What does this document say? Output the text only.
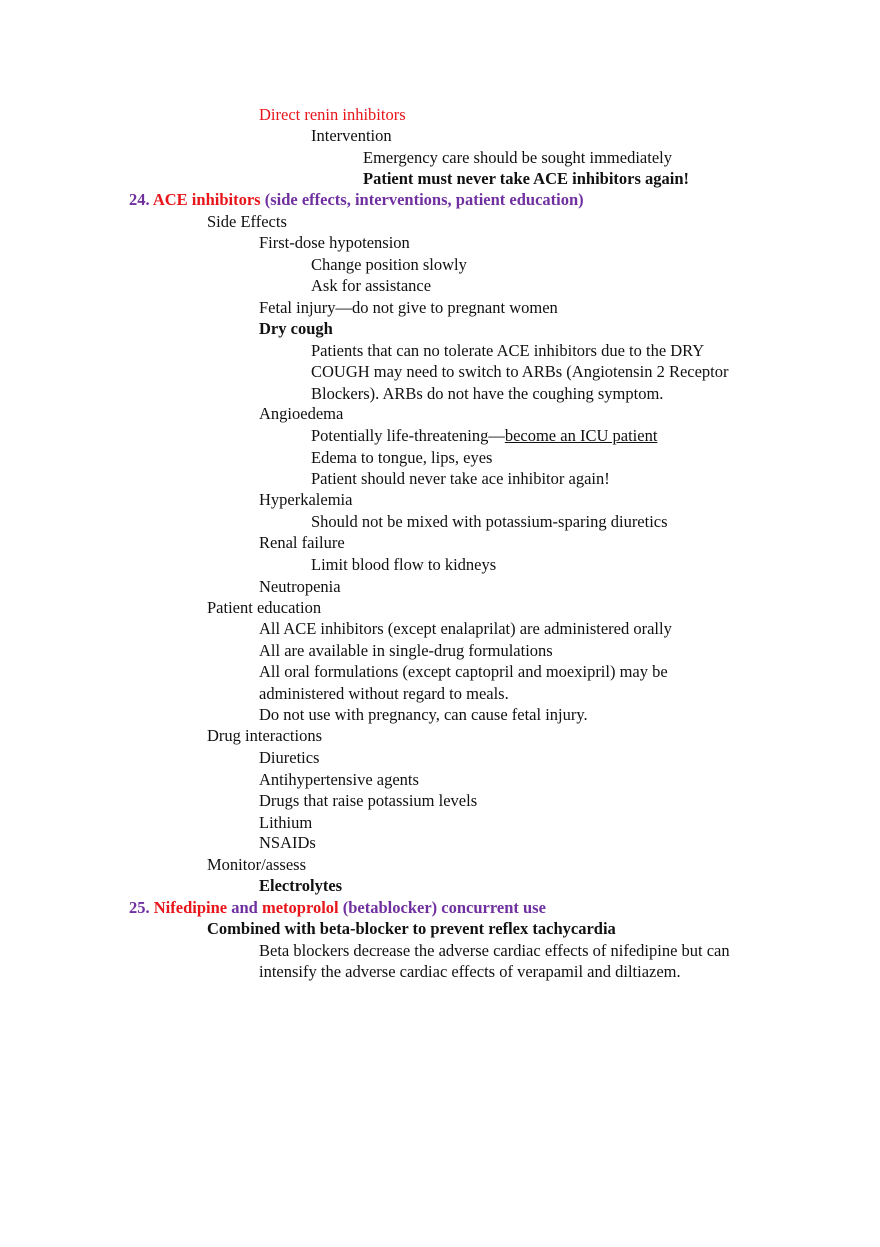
Direct renin inhibitors
Intervention
Emergency care should be sought immediately
Patient must never take ACE inhibitors again!
24. ACE inhibitors (side effects, interventions, patient education)
Side Effects
First-dose hypotension
Change position slowly
Ask for assistance
Fetal injury—do not give to pregnant women
Dry cough
Patients that can no tolerate ACE inhibitors due to the DRY
COUGH may need to switch to ARBs (Angiotensin 2 Receptor
Blockers). ARBs do not have the coughing symptom.
Angioedema
Potentially life-threatening—become an ICU patient
Edema to tongue, lips, eyes
Patient should never take ace inhibitor again!
Hyperkalemia
Should not be mixed with potassium-sparing diuretics
Renal failure
Limit blood flow to kidneys
Neutropenia
Patient education
All ACE inhibitors (except enalaprilat) are administered orally
All are available in single-drug formulations
All oral formulations (except captopril and moexipril) may be
administered without regard to meals.
Do not use with pregnancy, can cause fetal injury.
Drug interactions
Diuretics
Antihypertensive agents
Drugs that raise potassium levels
Lithium
NSAIDs
Monitor/assess
Electrolytes
25. Nifedipine and metoprolol (betablocker) concurrent use
Combined with beta-blocker to prevent reflex tachycardia
Beta blockers decrease the adverse cardiac effects of nifedipine but can
intensify the adverse cardiac effects of verapamil and diltiazem.
